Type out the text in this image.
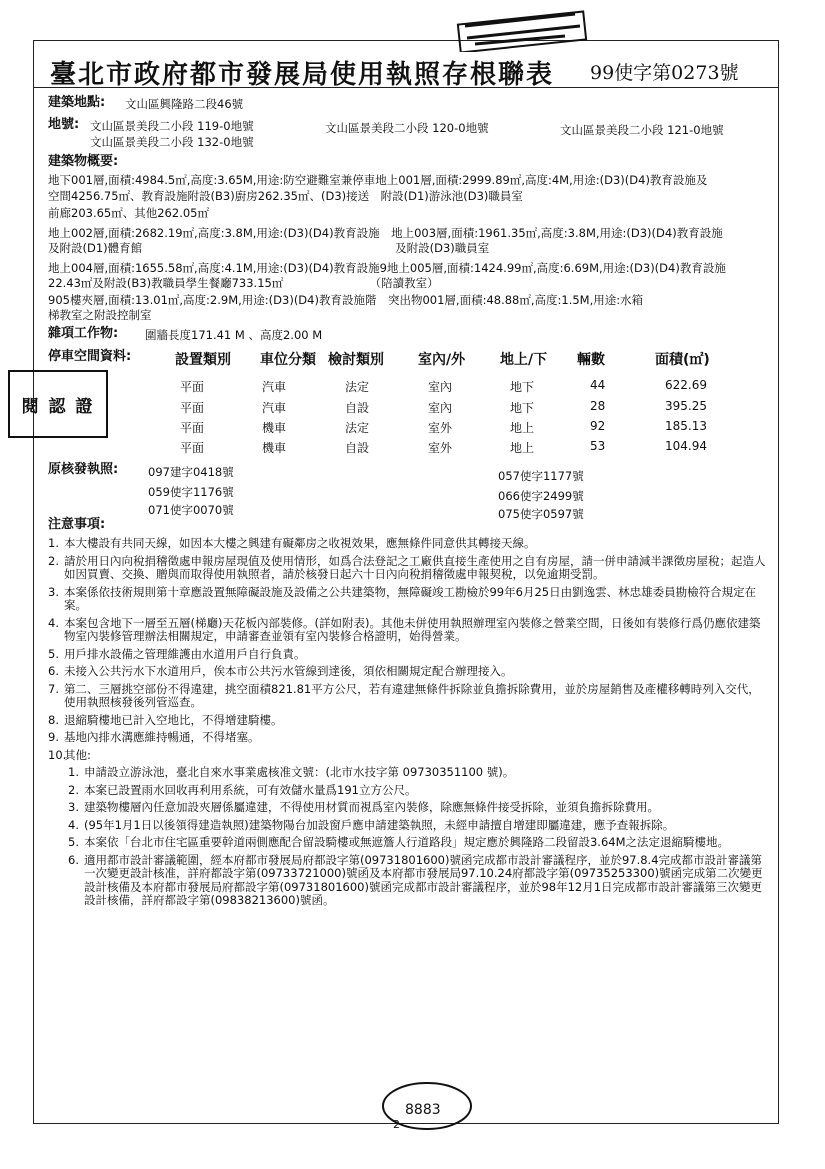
閱 認 證
8883
臺北市政府都市發展局使用執照存根聯表 99使字第0273號
建築地點: 文山區興隆路二段46號
地號: 文山區景美段二小段 119-0地號	文山區景美段二小段 120-0地號	文山區景美段二小段 121-0地號
文山區景美段二小段 132-0地號
建築物概要:
地下001層,面積:4984.5㎡,高度:3.65M,用途:防空避難室兼停車地上001層,面積:2999.89㎡,高度:4M,用途:(D3)(D4)教育設施及
空間4256.75㎡、教育設施附設(B3)廚房262.35㎡、(D3)接送　附設(D1)游泳池(D3)職員室
前廊203.65㎡、其他262.05㎡
地上002層,面積:2682.19㎡,高度:3.8M,用途:(D3)(D4)教育設施　地上003層,面積:1961.35㎡,高度:3.8M,用途:(D3)(D4)教育設施
及附設(D1)體育館　　　　　　　　　　　　　　　　　　　　　　及附設(D3)職員室
地上004層,面積:1655.58㎡,高度:4.1M,用途:(D3)(D4)教育設施9地上005層,面積:1424.99㎡,高度:6.69M,用途:(D3)(D4)教育設施
22.43㎡及附設(B3)教職員學生餐廳733.15㎡　　　　　　　　（陪讀教室）
905樓夾層,面積:13.01㎡,高度:2.9M,用途:(D3)(D4)教育設施階　突出物001層,面積:48.88㎡,高度:1.5M,用途:水箱
梯教室之附設控制室
雜項工作物: 圍牆長度171.41 M 、高度2.00 M
停車空間資料:	設置類別 車位分類 檢討類別 室內/外 地上/下 輛數	面積(㎡)
平面	汽車	法定	室內	地下	44	622.69
平面	汽車	自設	室內	地下	28	395.25
平面	機車	法定	室外	地上	92	185.13
平面	機車	自設	室外	地上	53	104.94
原核發執照:	097建字0418號
059使字1176號
071使字0070號
057使字1177號
066使字2499號
075使字0597號
注意事項:
1. 本大樓設有共同天線，如因本大樓之興建有礙鄰房之收視效果，應無條件同意供其轉接天線。
2. 請於用日內向稅捐稽徵處申報房屋現值及使用情形，如爲合法登記之工廠供直接生產使用之自有房屋，請一併申請減半課徵房屋稅；起造人如因買賣、交換、贈與而取得使用執照者，請於核發日起六十日內向稅捐稽徵處申報契稅，以免逾期受罰。
3. 本案係依技術規則第十章應設置無障礙設施及設備之公共建築物，無障礙竣工勘檢於99年6月25日由劉逸雲、林忠雄委員勘檢符合規定在案。
4. 本案包含地下一層至五層(梯廳)天花板內部裝修。(詳如附表)。其他未併使用執照辦理室內裝修之營業空間，日後如有裝修行爲仍應依建築物室內裝修管理辦法相關規定，申請審查並領有室內裝修合格證明，始得營業。
5. 用戶排水設備之管理維護由水道用戶自行負責。
6. 未接入公共污水下水道用戶，俟本市公共污水管線到達後，須依相關規定配合辦理接入。
7. 第二、三層挑空部份不得違建，挑空面積821.81平方公尺，若有違建無條件拆除並負擔拆除費用，並於房屋銷售及產權移轉時列入交代，使用執照核發後列管巡查。
8. 退縮騎樓地已計入空地比，不得增建騎樓。
9. 基地內排水溝應維持暢通，不得堵塞。
10.
其他:
1. 申請設立游泳池，臺北自來水事業處核准文號：(北市水技字第 09730351100 號)。
2. 本案已設置雨水回收再利用系統，可有效儲水量爲191立方公尺。
3. 建築物樓層內任意加設夾層係屬違建，不得使用材質而視爲室內裝修，除應無條件接受拆除，並須負擔拆除費用。
4. (95年1月1日以後領得建造執照)建築物陽台加設窗戶應申請建築執照，未經申請擅自增建即屬違建，應予查報拆除。
5. 本案依「台北市住宅區重要幹道兩側應配合留設騎樓或無遮簷人行道路段」規定應於興隆路二段留設3.64M之法定退縮騎樓地。
6. 適用都市設計審議範圍，經本府都市發展局府都設字第(09731801600)號函完成都市設計審議程序，並於97.8.4完成都市設計審議第一次變更設計核准，詳府都設字第(09733721000)號函及本府都市發展局97.10.24府都設字第(09735253300)號函完成第二次變更設計核備及本府都市發展局府都設字第(09731801600)號函完成都市設計審議程序，並於98年12月1日完成都市設計審議第三次變更設計核備，詳府都設字第(09838213600)號函。
2
